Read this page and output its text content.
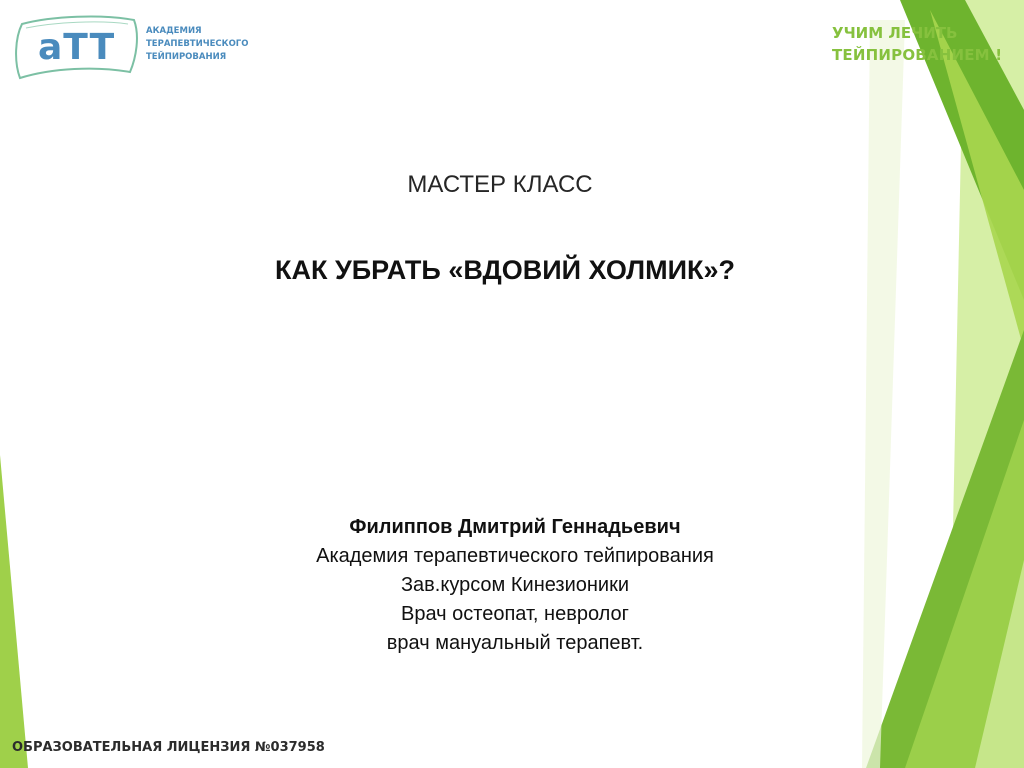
aTT	АКАДЕМИЯ
ТЕРАПЕВТИЧЕСКОГО
ТЕЙПИРОВАНИЯ
УЧИМ ЛЕЧИТЬ
ТЕЙПИРОВАНИЕМ !
МАСТЕР КЛАСС
КАК УБРАТЬ «ВДОВИЙ ХОЛМИК»?
Филиппов Дмитрий Геннадьевич
Академия терапевтического тейпирования
Зав.курсом Кинезионики
Врач остеопат, невролог
врач мануальный терапевт.
ОБРАЗОВАТЕЛЬНАЯ ЛИЦЕНЗИЯ №037958
